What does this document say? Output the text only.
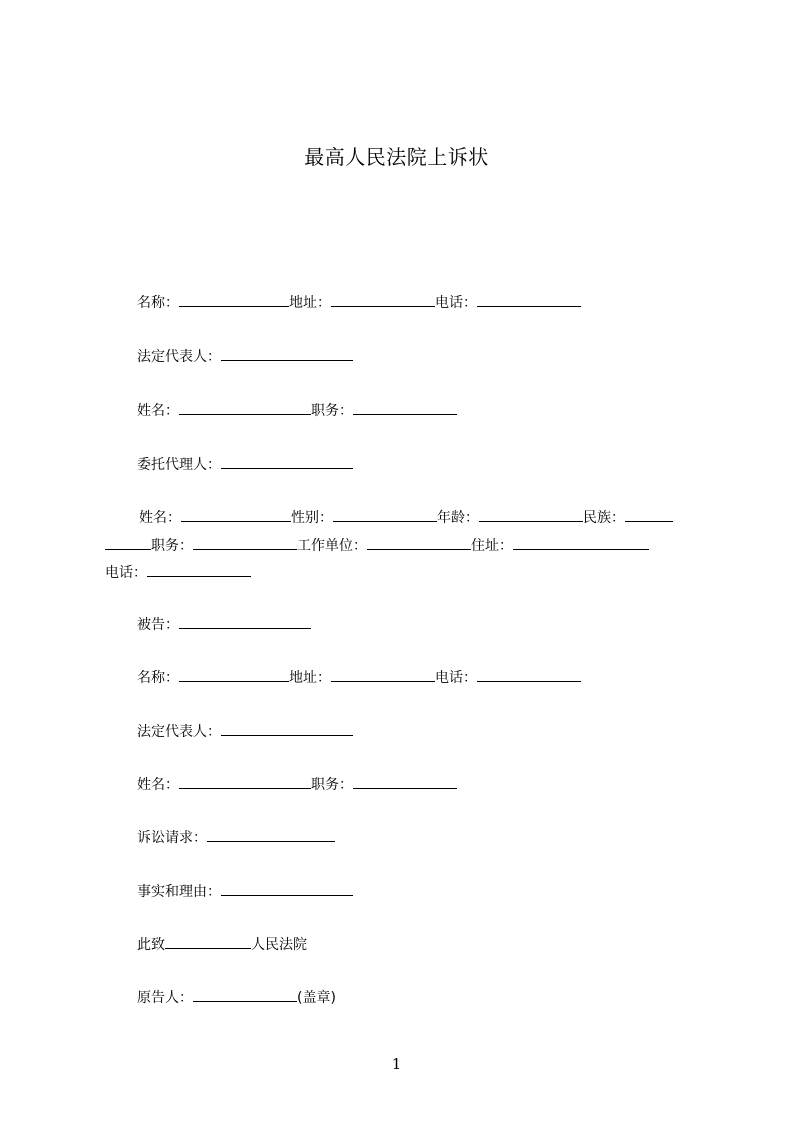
最高人民法院上诉状
名称：	地址：	电话：
法定代表人：
姓名：	职务：
委托代理人：
姓名：	性别：	年龄：	民族：
职务：	工作单位：	住址：
电话：
被告：
名称：	地址：	电话：
法定代表人：
姓名：	职务：
诉讼请求：
事实和理由：
此致	人民法院
原告人：	(盖章)
1
